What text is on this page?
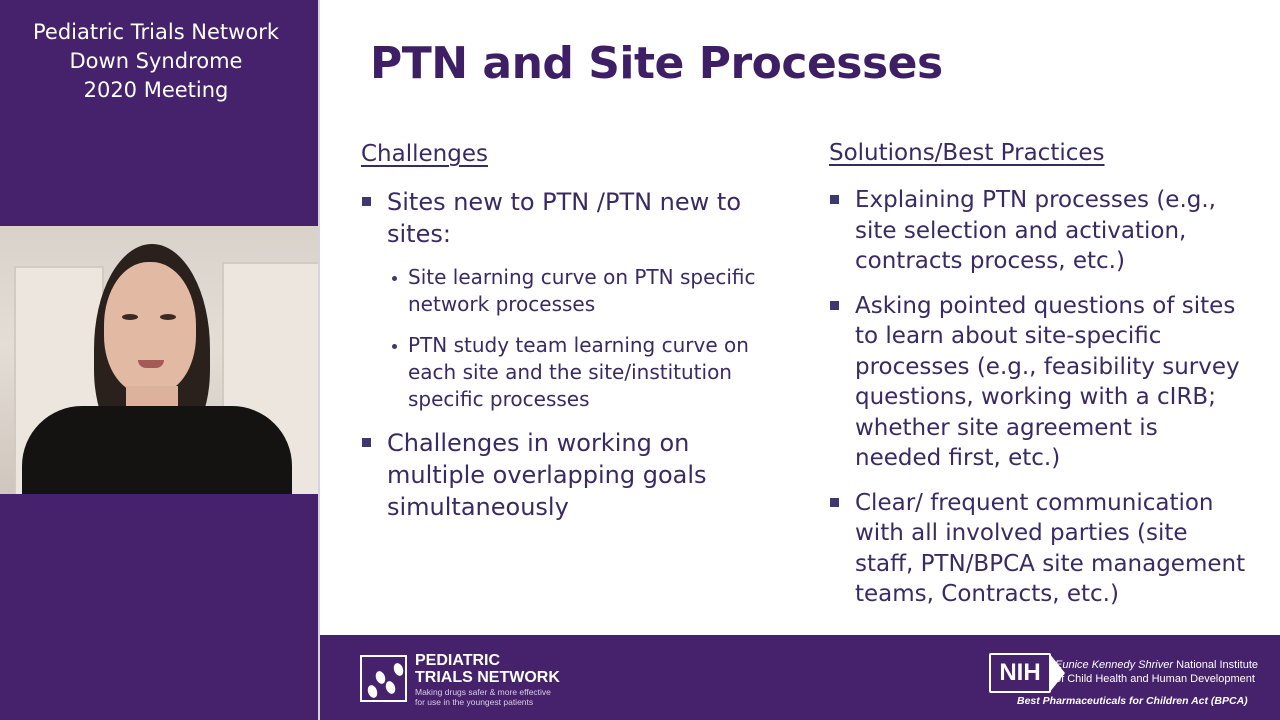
Pediatric Trials Network
Down Syndrome
2020 Meeting
PTN and Site Processes
Challenges
Sites new to PTN /PTN new to sites:
Site learning curve on PTN specific network processes
PTN study team learning curve on each site and the site/institution specific processes
Challenges in working on multiple overlapping goals simultaneously
Solutions/Best Practices
Explaining PTN processes (e.g., site selection and activation, contracts process, etc.)
Asking pointed questions of sites to learn about site-specific processes (e.g., feasibility survey questions, working with a cIRB; whether site agreement is needed first, etc.)
Clear/ frequent communication with all involved parties (site staff, PTN/BPCA site management teams, Contracts, etc.)
PEDIATRIC
TRIALS NETWORK
Making drugs safer & more effective
for use in the youngest patients
NIH	Eunice Kennedy Shriver National Institute
of Child Health and Human Development
Best Pharmaceuticals for Children Act (BPCA)
